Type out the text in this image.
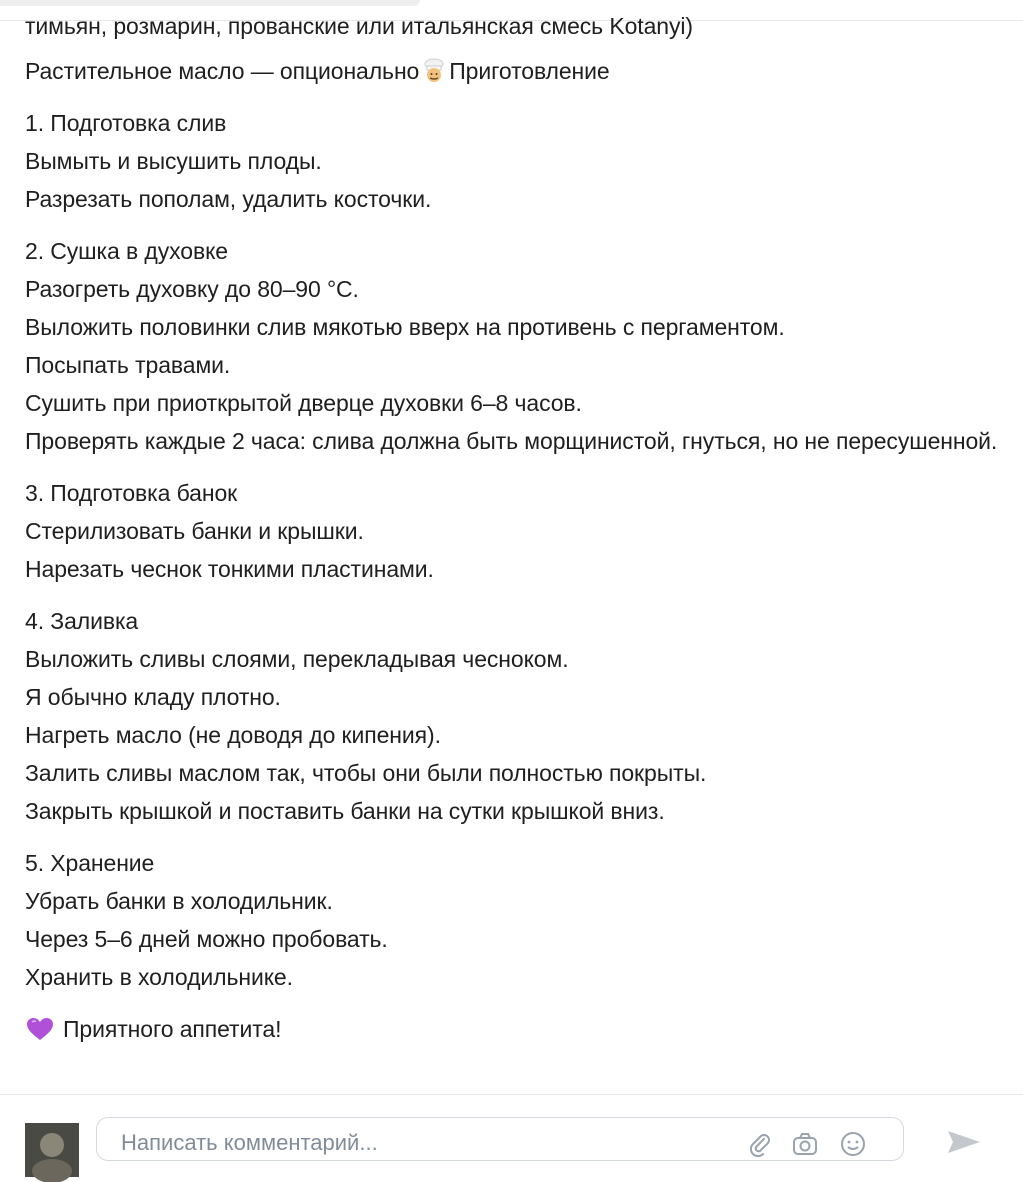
тимьян, розмарин, прованские или итальянская смесь Kotanyi)
Растительное масло — опционально Приготовление
1. Подготовка слив
Вымыть и высушить плоды.
Разрезать пополам, удалить косточки.
2. Сушка в духовке
Разогреть духовку до 80–90 °C.
Выложить половинки слив мякотью вверх на противень с пергаментом.
Посыпать травами.
Сушить при приоткрытой дверце духовки 6–8 часов.
Проверять каждые 2 часа: слива должна быть морщинистой, гнуться, но не пересушенной.
3. Подготовка банок
Стерилизовать банки и крышки.
Нарезать чеснок тонкими пластинами.
4. Заливка
Выложить сливы слоями, перекладывая чесноком.
Я обычно кладу плотно.
Нагреть масло (не доводя до кипения).
Залить сливы маслом так, чтобы они были полностью покрыты.
Закрыть крышкой и поставить банки на сутки крышкой вниз.
5. Хранение
Убрать банки в холодильник.
Через 5–6 дней можно пробовать.
Хранить в холодильнике.
Приятного аппетита!
Написать комментарий...
